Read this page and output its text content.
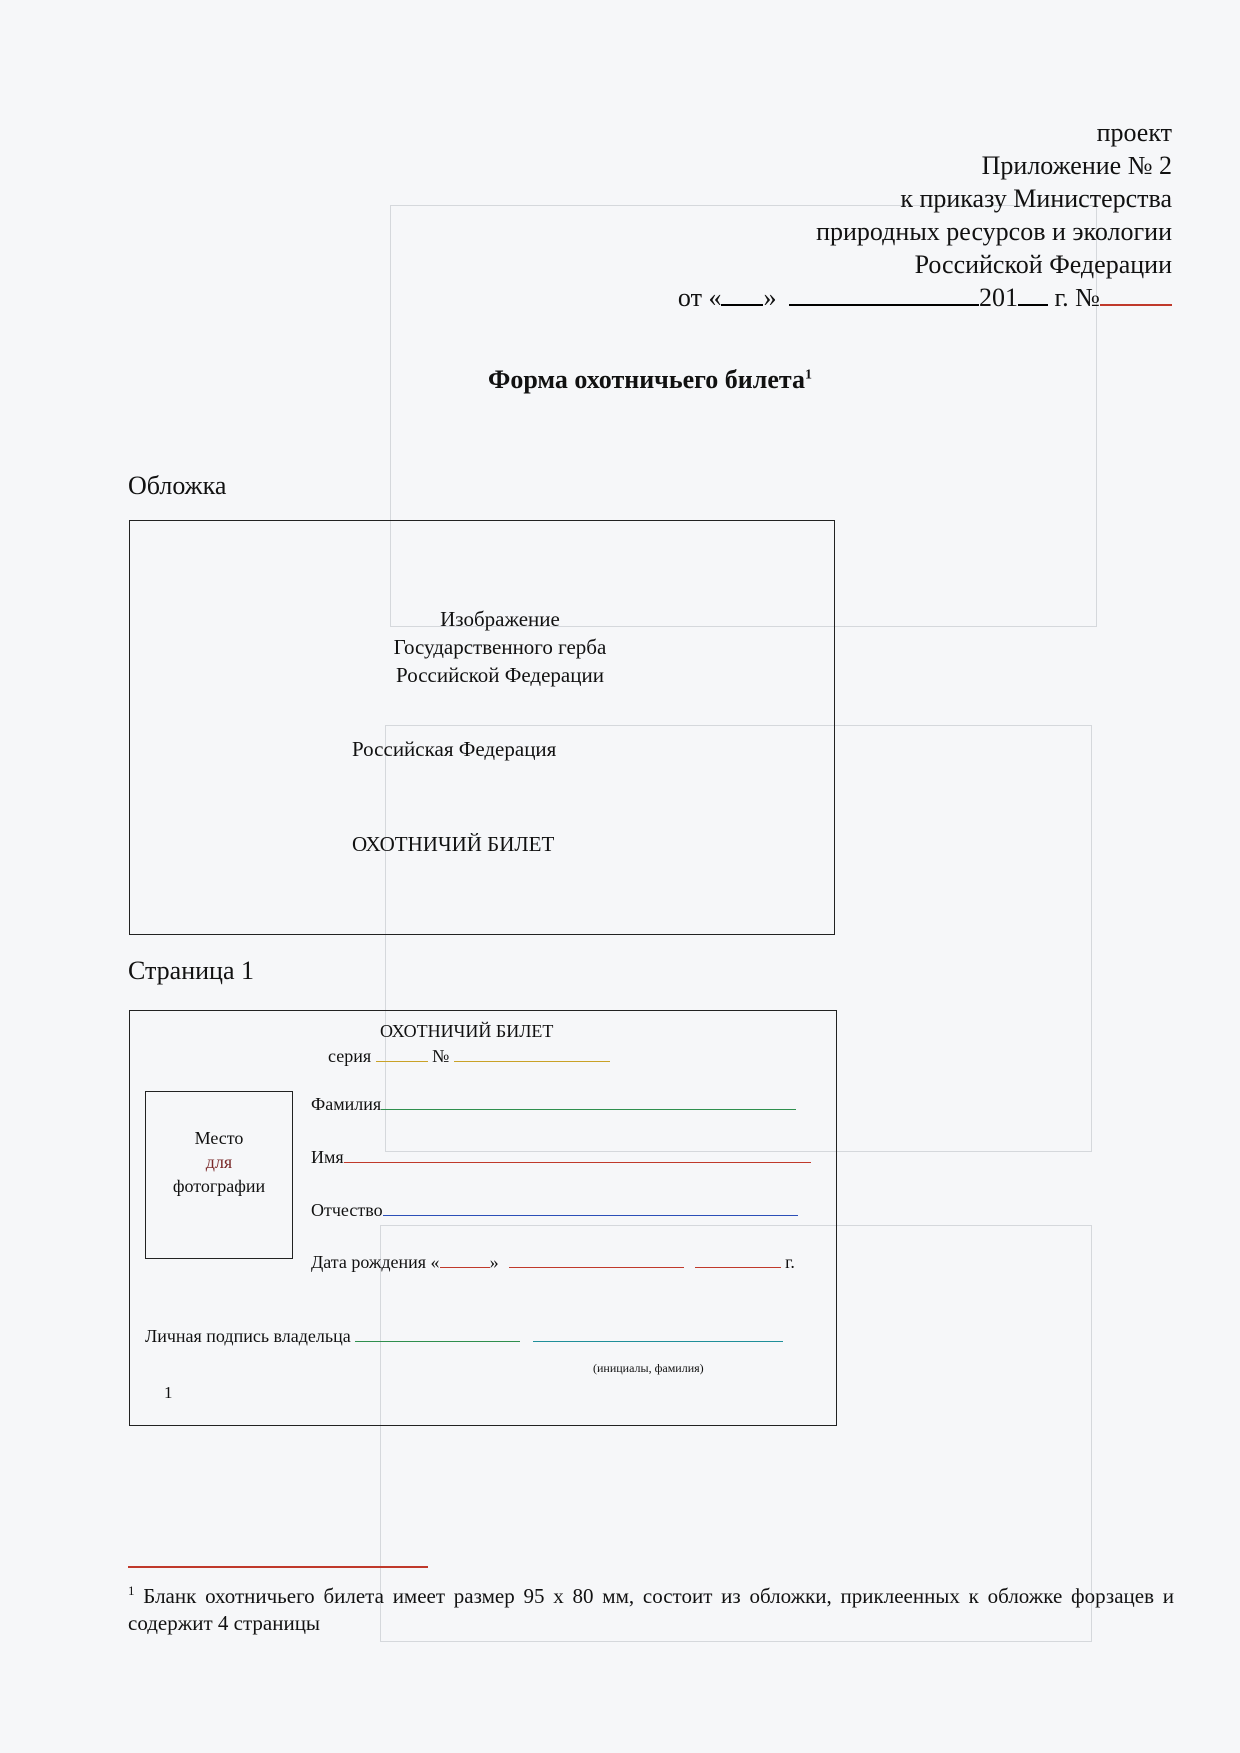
проект
Приложение № 2
к приказу Министерства
природных ресурсов и экологии
Российской Федерации
от « »	201 г. №
Форма охотничьего билета$^1$
Обложка
Изображение
Государственного герба
Российской Федерации
Российская Федерация
ОХОТНИЧИЙ БИЛЕТ
Страница 1
ОХОТНИЧИЙ БИЛЕТ
серия	№
Место
для
фотографии
Фамилия
Имя
Отчество
Дата рождения «	»	г.
Личная подпись владельца
(инициалы, фамилия)
1
$^1$ Бланк охотничьего билета имеет размер 95 х 80 мм, состоит из обложки, приклеенных к обложке форзацев и содержит 4 страницы
